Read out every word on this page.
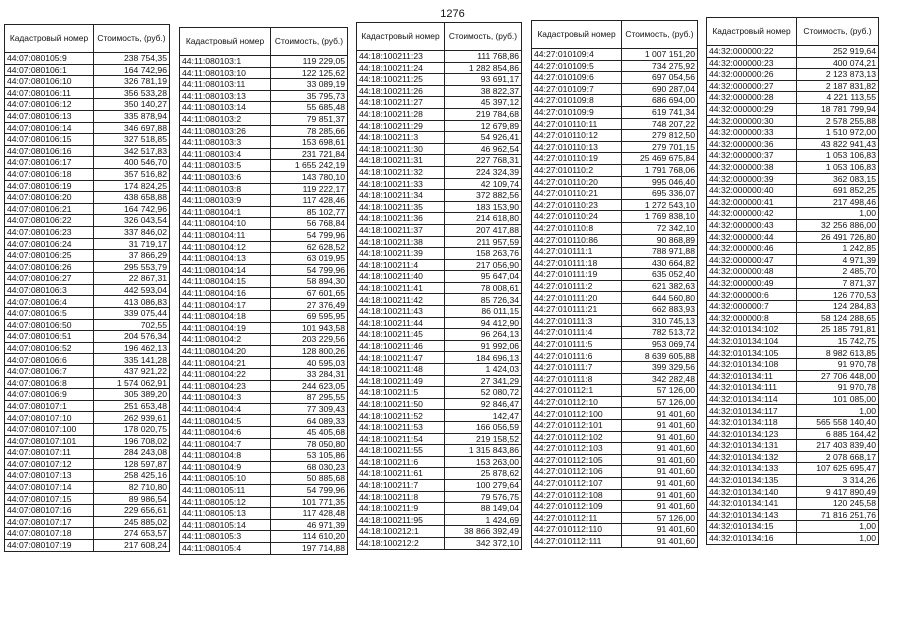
1276
Кадастровый номер	Стоимость, (руб.)
44:07:080105:9	238 754,35
44:07:080106:1	164 742,96
44:07:080106:10	326 781,19
44:07:080106:11	356 533,28
44:07:080106:12	350 140,27
44:07:080106:13	335 878,94
44:07:080106:14	346 697,88
44:07:080106:15	327 518,85
44:07:080106:16	342 517,83
44:07:080106:17	400 546,70
44:07:080106:18	357 516,82
44:07:080106:19	174 824,25
44:07:080106:20	438 658,88
44:07:080106:21	164 742,96
44:07:080106:22	326 043,54
44:07:080106:23	337 846,02
44:07:080106:24	31 719,17
44:07:080106:25	37 866,29
44:07:080106:26	295 553,79
44:07:080106:27	22 867,31
44:07:080106:3	442 593,04
44:07:080106:4	413 086,83
44:07:080106:5	339 075,44
44:07:080106:50	702,55
44:07:080106:51	204 576,34
44:07:080106:52	196 462,13
44:07:080106:6	335 141,28
44:07:080106:7	437 921,22
44:07:080106:8	1 574 062,91
44:07:080106:9	305 389,20
44:07:080107:1	251 653,48
44:07:080107:10	262 939,61
44:07:080107:100	178 020,75
44:07:080107:101	196 708,02
44:07:080107:11	284 243,08
44:07:080107:12	128 597,87
44:07:080107:13	258 425,16
44:07:080107:14	82 710,80
44:07:080107:15	89 986,54
44:07:080107:16	229 656,61
44:07:080107:17	245 885,02
44:07:080107:18	274 653,57
44:07:080107:19	217 608,24
Кадастровый номер	Стоимость, (руб.)
44:11:080103:1	119 229,05
44:11:080103:10	122 125,62
44:11:080103:11	33 089,19
44:11:080103:13	35 795,73
44:11:080103:14	55 685,48
44:11:080103:2	79 851,37
44:11:080103:26	78 285,66
44:11:080103:3	153 698,61
44:11:080103:4	231 721,84
44:11:080103:5	1 655 242,19
44:11:080103:6	143 780,10
44:11:080103:8	119 222,17
44:11:080103:9	117 428,46
44:11:080104:1	85 102,77
44:11:080104:10	56 768,84
44:11:080104:11	54 799,96
44:11:080104:12	62 628,52
44:11:080104:13	63 019,95
44:11:080104:14	54 799,96
44:11:080104:15	58 894,30
44:11:080104:16	67 601,65
44:11:080104:17	27 376,49
44:11:080104:18	69 595,95
44:11:080104:19	101 943,58
44:11:080104:2	203 229,56
44:11:080104:20	128 800,26
44:11:080104:21	40 595,03
44:11:080104:22	33 284,31
44:11:080104:23	244 623,05
44:11:080104:3	87 295,55
44:11:080104:4	77 309,43
44:11:080104:5	64 089,33
44:11:080104:6	45 405,68
44:11:080104:7	78 050,80
44:11:080104:8	53 105,86
44:11:080104:9	68 030,23
44:11:080105:10	50 885,68
44:11:080105:11	54 799,96
44:11:080105:12	101 771,35
44:11:080105:13	117 428,48
44:11:080105:14	46 971,39
44:11:080105:3	114 610,20
44:11:080105:4	197 714,88
Кадастровый номер	Стоимость, (руб.)
44:18:100211:23	111 768,86
44:18:100211:24	1 282 854,86
44:18:100211:25	93 691,17
44:18:100211:26	38 822,37
44:18:100211:27	45 397,12
44:18:100211:28	219 784,68
44:18:100211:29	12 679,89
44:18:100211:3	54 926,41
44:18:100211:30	46 962,54
44:18:100211:31	227 768,31
44:18:100211:32	224 324,39
44:18:100211:33	42 109,74
44:18:100211:34	372 882,56
44:18:100211:35	183 153,90
44:18:100211:36	214 618,80
44:18:100211:37	207 417,88
44:18:100211:38	211 957,59
44:18:100211:39	158 263,76
44:18:100211:4	217 056,90
44:18:100211:40	95 647,04
44:18:100211:41	78 008,61
44:18:100211:42	85 726,34
44:18:100211:43	86 011,15
44:18:100211:44	94 412,90
44:18:100211:45	96 264,13
44:18:100211:46	91 992,06
44:18:100211:47	184 696,13
44:18:100211:48	1 424,03
44:18:100211:49	27 341,29
44:18:100211:5	52 080,72
44:18:100211:50	92 846,47
44:18:100211:52	142,47
44:18:100211:53	166 056,59
44:18:100211:54	219 158,52
44:18:100211:55	1 315 843,86
44:18:100211:6	153 263,00
44:18:100211:61	25 878,62
44:18:100211:7	100 279,64
44:18:100211:8	79 576,75
44:18:100211:9	88 149,04
44:18:100211:95	1 424,69
44:18:100212:1	38 866 392,49
44:18:100212:2	342 372,10
Кадастровый номер	Стоимость, (руб.)
44:27:010109:4	1 007 151,20
44:27:010109:5	734 275,92
44:27:010109:6	697 054,56
44:27:010109:7	690 287,04
44:27:010109:8	686 694,00
44:27:010109:9	619 741,34
44:27:010110:11	748 207,22
44:27:010110:12	279 812,50
44:27:010110:13	279 701,15
44:27:010110:19	25 469 675,84
44:27:010110:2	1 791 768,06
44:27:010110:20	995 046,40
44:27:010110:21	695 336,07
44:27:010110:23	1 272 543,10
44:27:010110:24	1 769 838,10
44:27:010110:8	72 342,10
44:27:010110:86	90 868,89
44:27:010111:1	788 971,88
44:27:010111:18	430 664,82
44:27:010111:19	635 052,40
44:27:010111:2	621 382,63
44:27:010111:20	644 560,80
44:27:010111:21	662 883,93
44:27:010111:3	310 745,13
44:27:010111:4	782 513,72
44:27:010111:5	953 069,74
44:27:010111:6	8 639 605,88
44:27:010111:7	399 329,56
44:27:010111:8	342 282,48
44:27:010112:1	57 126,00
44:27:010112:10	57 126,00
44:27:010112:100	91 401,60
44:27:010112:101	91 401,60
44:27:010112:102	91 401,60
44:27:010112:103	91 401,60
44:27:010112:105	91 401,60
44:27:010112:106	91 401,60
44:27:010112:107	91 401,60
44:27:010112:108	91 401,60
44:27:010112:109	91 401,60
44:27:010112:11	57 126,00
44:27:010112:110	91 401,60
44:27:010112:111	91 401,60
Кадастровый номер	Стоимость, (руб.)
44:32:000000:22	252 919,64
44:32:000000:23	400 074,21
44:32:000000:26	2 123 873,13
44:32:000000:27	2 187 831,82
44:32:000000:28	4 221 113,55
44:32:000000:29	18 781 799,94
44:32:000000:30	2 578 255,88
44:32:000000:33	1 510 972,00
44:32:000000:36	43 822 941,43
44:32:000000:37	1 053 106,83
44:32:000000:38	1 053 106,83
44:32:000000:39	362 083,15
44:32:000000:40	691 852,25
44:32:000000:41	217 498,46
44:32:000000:42	1,00
44:32:000000:43	32 256 886,00
44:32:000000:44	26 491 726,80
44:32:000000:46	1 242,85
44:32:000000:47	4 971,39
44:32:000000:48	2 485,70
44:32:000000:49	7 871,37
44:32:000000:6	126 770,53
44:32:000000:7	124 284,83
44:32:000000:8	58 124 288,65
44:32:010134:102	25 185 791,81
44:32:010134:104	15 742,75
44:32:010134:105	8 982 613,85
44:32:010134:108	91 970,78
44:32:010134:11	27 706 448,00
44:32:010134:111	91 970,78
44:32:010134:114	101 085,00
44:32:010134:117	1,00
44:32:010134:118	565 558 140,40
44:32:010134:123	6 885 164,42
44:32:010134:131	217 403 839,40
44:32:010134:132	2 078 668,17
44:32:010134:133	107 625 695,47
44:32:010134:135	3 314,26
44:32:010134:140	9 417 890,49
44:32:010134:141	120 245,58
44:32:010134:143	71 816 251,76
44:32:010134:15	1,00
44:32:010134:16	1,00
